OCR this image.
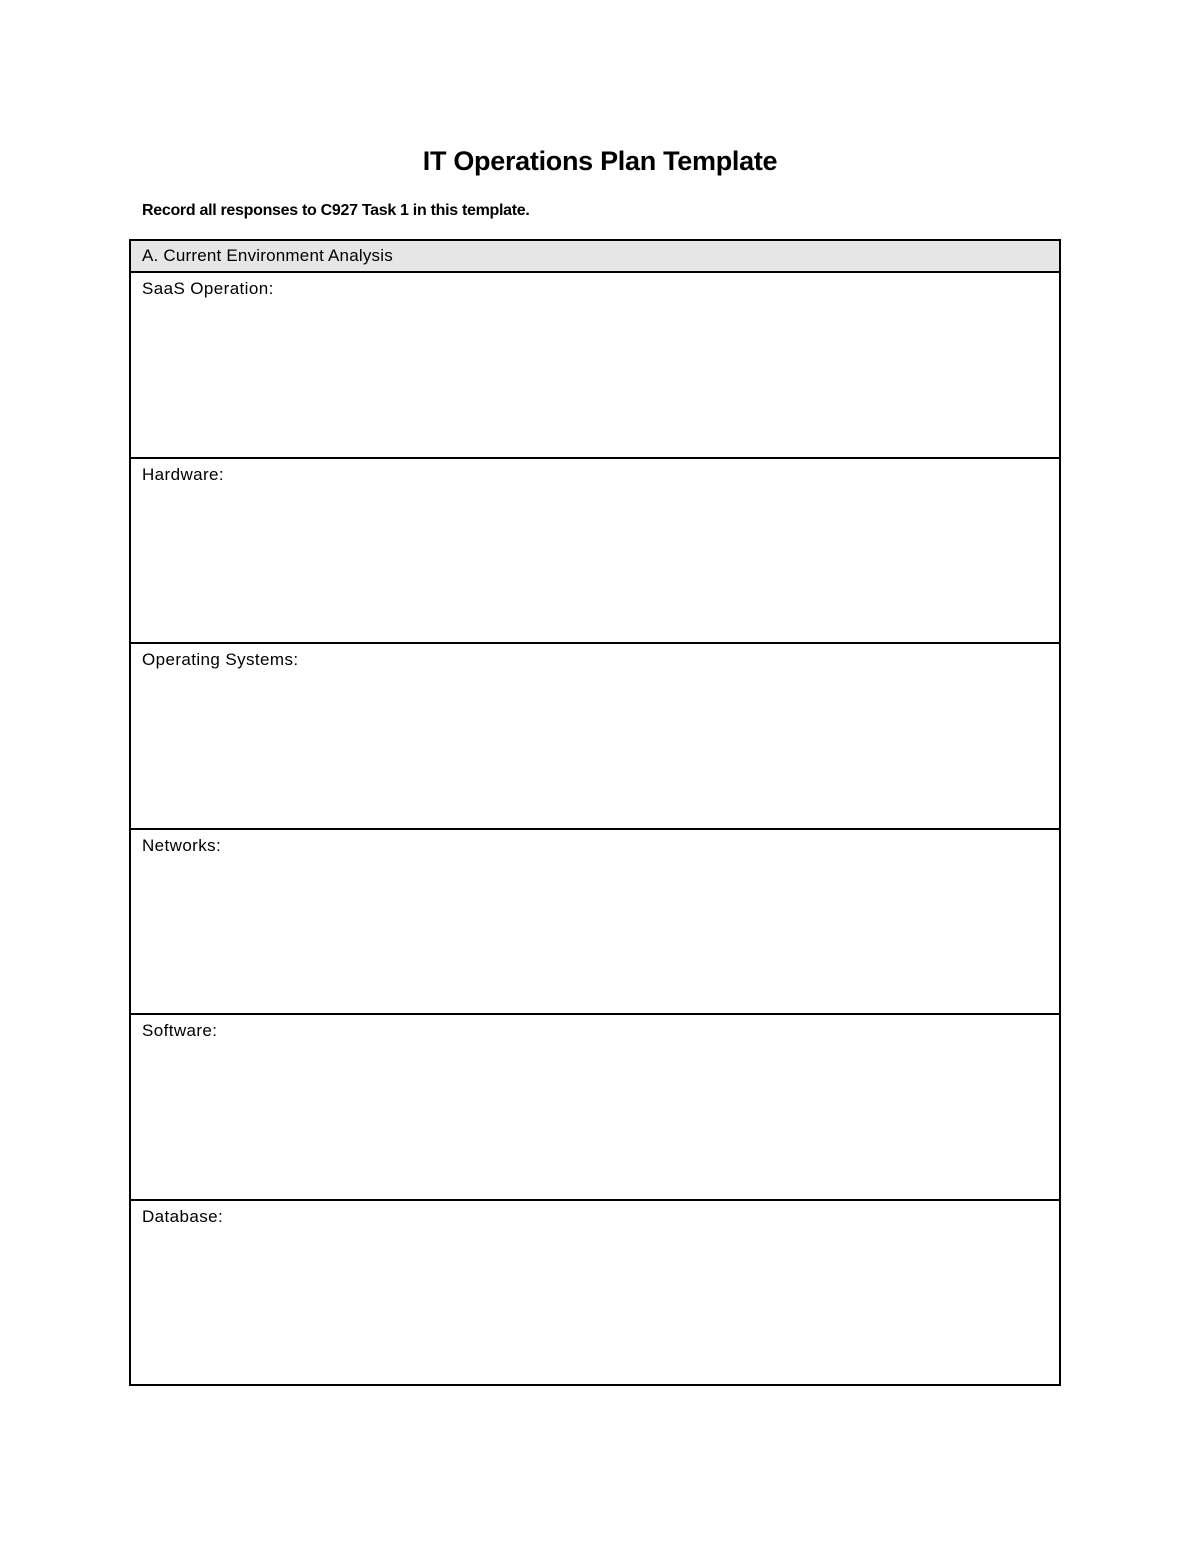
IT Operations Plan Template
Record all responses to C927 Task 1 in this template.
A. Current Environment Analysis
SaaS Operation:
Hardware:
Operating Systems:
Networks:
Software:
Database:
